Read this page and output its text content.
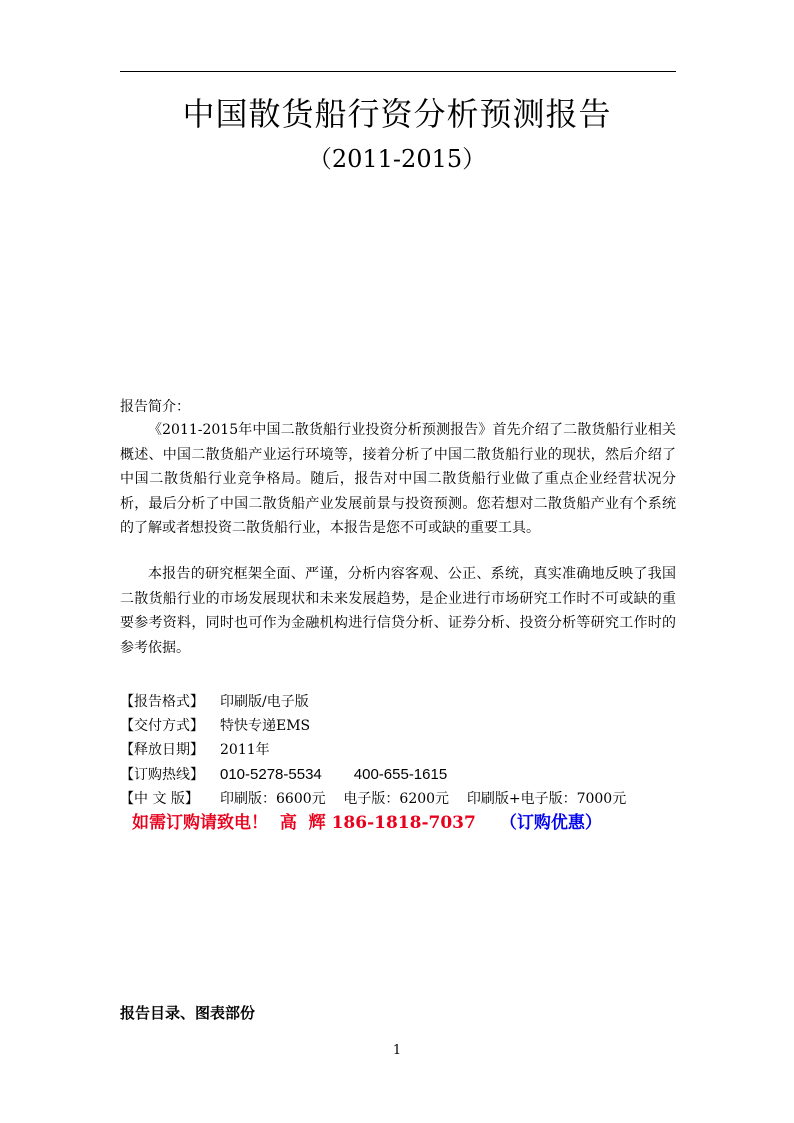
中国散货船行资分析预测报告
（2011-2015）
报告简介：

《2011-2015年中国二散货船行业投资分析预测报告》首先介绍了二散货船行业相关概述、中国二散货船产业运行环境等，接着分析了中国二散货船行业的现状，然后介绍了中国二散货船行业竞争格局。随后，报告对中国二散货船行业做了重点企业经营状况分析，最后分析了中国二散货船产业发展前景与投资预测。您若想对二散货船产业有个系统的了解或者想投资二散货船行业，本报告是您不可或缺的重要工具。

本报告的研究框架全面、严谨，分析内容客观、公正、系统，真实准确地反映了我国二散货船行业的市场发展现状和未来发展趋势，是企业进行市场研究工作时不可或缺的重要参考资料，同时也可作为金融机构进行信贷分析、证券分析、投资分析等研究工作时的参考依据。

【报告格式】 印刷版/电子版
【交付方式】 特快专递EMS
【释放日期】 2011年
【订购热线】 010-5278-5534 400-655-1615
【中 文 版】 印刷版：6600元    电子版：6200元    印刷版+电子版：7000元
如需订购请致电！  高  辉 186-1818-7037 （订购优惠）
报告目录、图表部份
1
